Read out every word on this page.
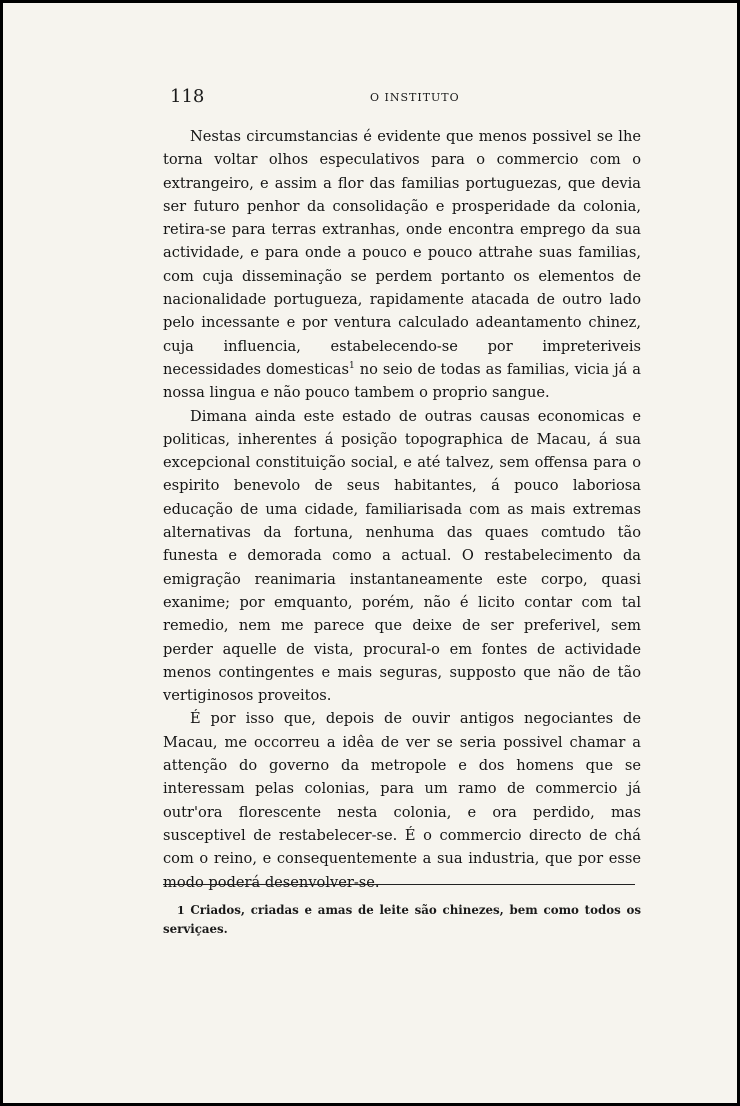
118	O INSTITUTO

Nestas circumstancias é evidente que menos possivel se lhe torna voltar olhos especulativos para o commercio com o extrangeiro, e assim a flor das familias portuguezas, que devia ser futuro penhor da consolidação e prosperidade da colonia, retira-se para terras extranhas, onde encontra emprego da sua actividade, e para onde a pouco e pouco attrahe suas familias, com cuja disseminação se perdem portanto os elementos de nacionalidade portugueza, rapidamente atacada de outro lado pelo incessante e por ventura calculado adeantamento chinez, cuja influencia, estabelecendo-se por impreteriveis necessidades domesticas$^1$ no seio de todas as familias, vicia já a nossa lingua e não pouco tambem o proprio sangue.

Dimana ainda este estado de outras causas economicas e politicas, inherentes á posição topographica de Macau, á sua excepcional constituição social, e até talvez, sem offensa para o espirito benevolo de seus habitantes, á pouco laboriosa educação de uma cidade, familiarisada com as mais extremas alternativas da fortuna, nenhuma das quaes comtudo tão funesta e demorada como a actual. O restabelecimento da emigração reanimaria instantaneamente este corpo, quasi exanime; por emquanto, porém, não é licito contar com tal remedio, nem me parece que deixe de ser preferivel, sem perder aquelle de vista, procural-o em fontes de actividade menos contingentes e mais seguras, supposto que não de tão vertiginosos proveitos.

É por isso que, depois de ouvir antigos negociantes de Macau, me occorreu a idêa de ver se seria possivel chamar a attenção do governo da metropole e dos homens que se interessam pelas colonias, para um ramo de commercio já outr'ora florescente nesta colonia, e ora perdido, mas susceptivel de restabelecer-se. É o commercio directo de chá com o reino, e consequentemente a sua industria, que por esse modo poderá desenvolver-se.

1 Criados, criadas e amas de leite são chinezes, bem como todos os serviçaes.
